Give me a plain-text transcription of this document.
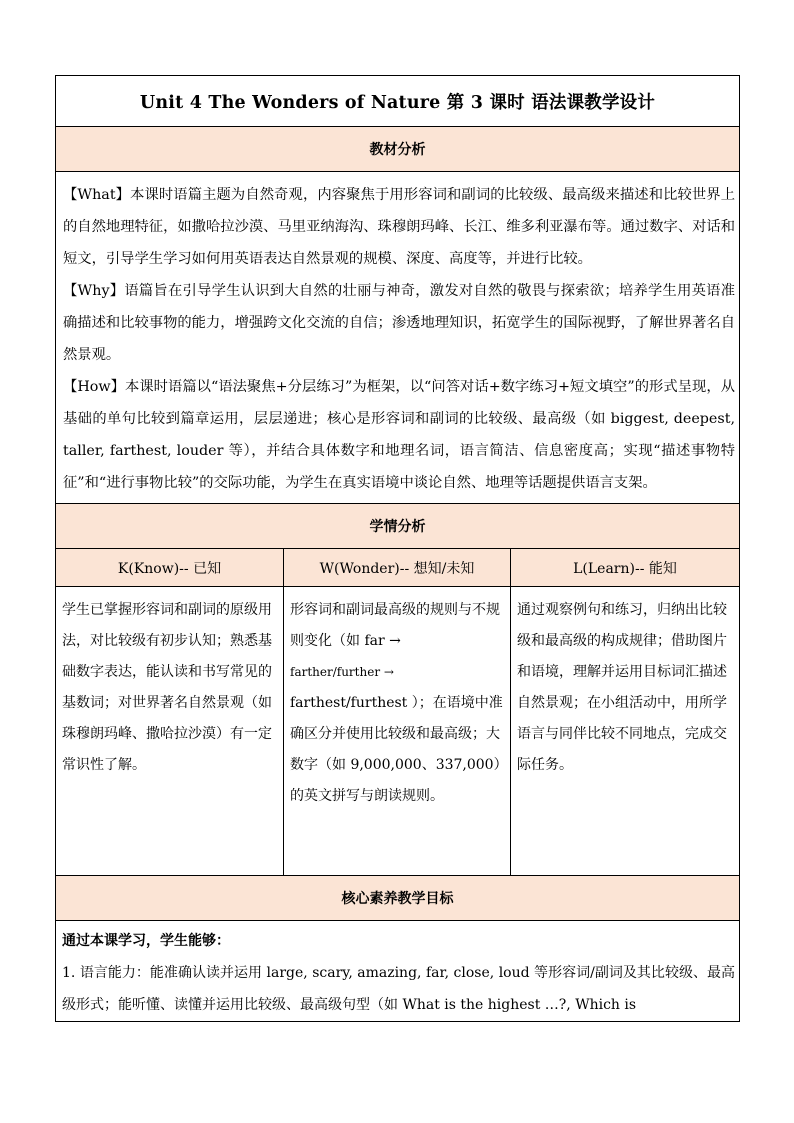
Unit 4 The Wonders of Nature 第 3 课时 语法课教学设计		
教材分析		

【What】本课时语篇主题为自然奇观，内容聚焦于用形容词和副词的比较级、最高级来描述和比较世界上的自然地理特征，如撒哈拉沙漠、马里亚纳海沟、珠穆朗玛峰、长江、维多利亚瀑布等。通过数字、对话和短文，引导学生学习如何用英语表达自然景观的规模、深度、高度等，并进行比较。

【Why】语篇旨在引导学生认识到大自然的壮丽与神奇，激发对自然的敬畏与探索欲；培养学生用英语准确描述和比较事物的能力，增强跨文化交流的自信；渗透地理知识，拓宽学生的国际视野，了解世界著名自然景观。

【How】本课时语篇以“语法聚焦+分层练习”为框架，以“问答对话+数字练习+短文填空”的形式呈现，从基础的单句比较到篇章运用，层层递进；核心是形容词和副词的比较级、最高级（如 biggest, deepest, taller, farthest, louder 等），并结合具体数字和地理名词，语言简洁、信息密度高；实现“描述事物特征”和“进行事物比较”的交际功能，为学生在真实语境中谈论自然、地理等话题提供语言支架。		

学情分析		
K(Know)-- 已知	W(Wonder)-- 想知/未知	L(Learn)-- 能知
学生已掌握形容词和副词的原级用法，对比较级有初步认知；熟悉基础数字表达，能认读和书写常见的基数词；对世界著名自然景观（如珠穆朗玛峰、撒哈拉沙漠）有一定常识性了解。	形容词和副词最高级的规则与不规则变化（如 far →
farther/further →
farthest/furthest ）；在语境中准确区分并使用比较级和最高级；大数字（如 9,000,000、337,000）的英文拼写与朗读规则。	通过观察例句和练习，归纳出比较级和最高级的构成规律；借助图片和语境，理解并运用目标词汇描述自然景观；在小组活动中，用所学语言与同伴比较不同地点，完成交际任务。
核心素养教学目标		

通过本课学习，学生能够：

1. 语言能力：能准确认读并运用 large, scary, amazing, far, close, loud 等形容词/副词及其比较级、最高级形式；能听懂、读懂并运用比较级、最高级句型（如 What is the highest …?, Which is		
